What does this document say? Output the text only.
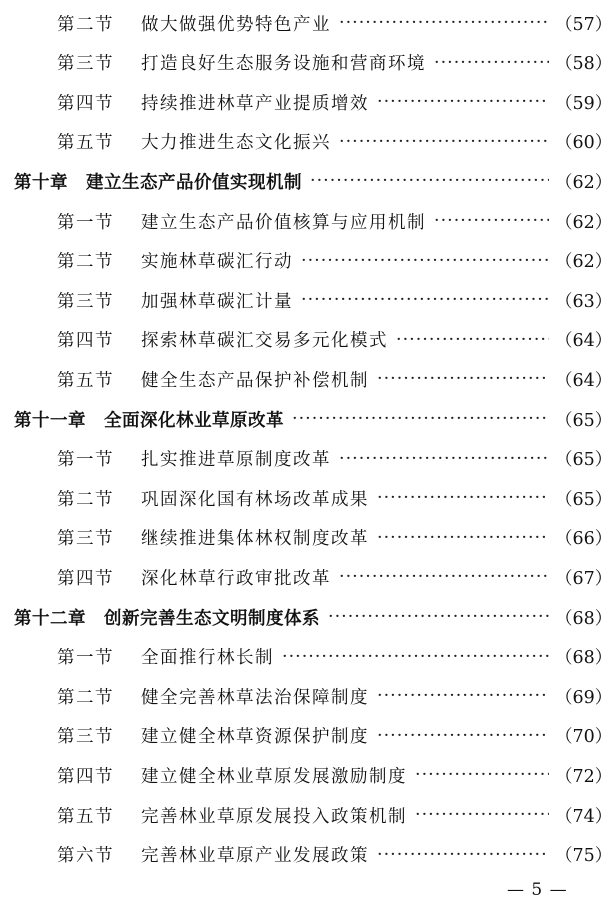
第二节	做大做强优势特色产业 ·····	（57）
第三节	打造良好生态服务设施和营商环境 ·····	（58）
第四节	持续推进林草产业提质增效 ·····	（59）
第五节	大力推进生态文化振兴 ·····	（60）
第十章 建立生态产品价值实现机制 ·····	（62）
第一节	建立生态产品价值核算与应用机制 ·····	（62）
第二节	实施林草碳汇行动 ·····	（62）
第三节	加强林草碳汇计量 ·····	（63）
第四节	探索林草碳汇交易多元化模式 ·····	（64）
第五节	健全生态产品保护补偿机制 ·····	（64）
第十一章 全面深化林业草原改革 ·····	（65）
第一节	扎实推进草原制度改革 ·····	（65）
第二节	巩固深化国有林场改革成果 ·····	（65）
第三节	继续推进集体林权制度改革 ·····	（66）
第四节	深化林草行政审批改革 ·····	（67）
第十二章 创新完善生态文明制度体系 ·····	（68）
第一节	全面推行林长制 ·····	（68）
第二节	健全完善林草法治保障制度 ·····	（69）
第三节	建立健全林草资源保护制度 ·····	（70）
第四节	建立健全林业草原发展激励制度 ·····	（72）
第五节	完善林业草原发展投入政策机制 ·····	（74）
第六节	完善林业草原产业发展政策 ·····	（75）
— 5 —
